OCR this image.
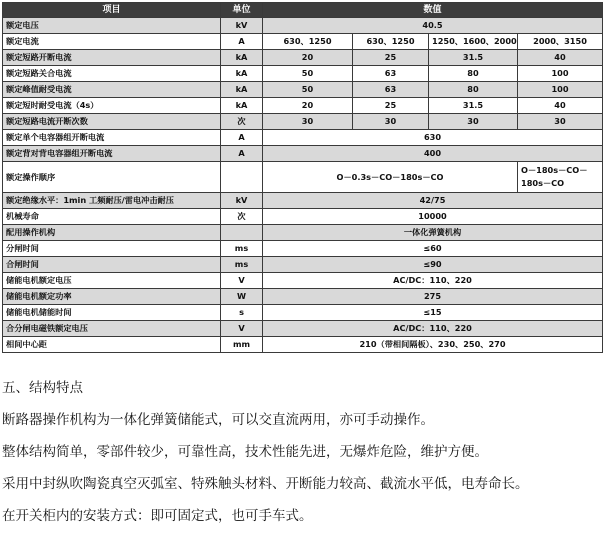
项目	单位	数值			
额定电压	kV	40.5			
额定电流	A	630、1250	630、1250	1250、1600、2000	2000、3150
额定短路开断电流	kA	20	25	31.5	40
额定短路关合电流	kA	50	63	80	100
额定峰值耐受电流	kA	50	63	80	100
额定短时耐受电流（4s）	kA	20	25	31.5	40
额定短路电流开断次数	次	30	30	30	30
额定单个电容器组开断电流	A	630			
额定背对背电容器组开断电流	A	400			
额定操作顺序		O－0.3s－CO－180s－CO			O－180s－CO－180s－CO
额定绝缘水平：1min 工频耐压/雷电冲击耐压	kV	42/75			
机械寿命	次	10000			
配用操作机构		一体化弹簧机构			
分闸时间	ms	≤60			
合闸时间	ms	≤90			
储能电机额定电压	V	AC/DC：110、220			
储能电机额定功率	W	275			
储能电机储能时间	s	≤15			
合分闸电磁铁额定电压	V	AC/DC：110、220			
相间中心距	mm	210（带相间隔板）、230、250、270			
五、结构特点
断路器操作机构为一体化弹簧储能式，可以交直流两用，亦可手动操作。
整体结构简单，零部件较少，可靠性高，技术性能先进，无爆炸危险，维护方便。
采用中封纵吹陶瓷真空灭弧室、特殊触头材料、开断能力较高、截流水平低，电寿命长。
在开关柜内的安装方式：即可固定式，也可手车式。
